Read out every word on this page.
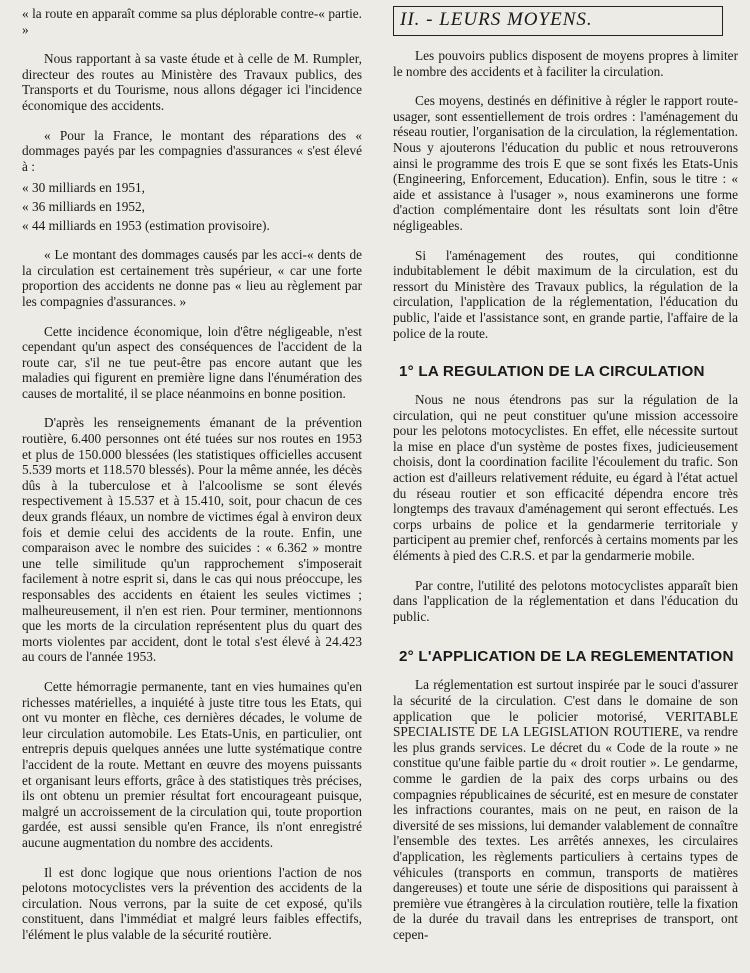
« la route en apparaît comme sa plus déplorable contre-« partie. »

Nous rapportant à sa vaste étude et à celle de M. Rumpler, directeur des routes au Ministère des Travaux publics, des Transports et du Tourisme, nous allons dégager ici l'incidence économique des accidents.

« Pour la France, le montant des réparations des « dommages payés par les compagnies d'assurances « s'est élevé à :

« 30 milliards en 1951,

« 36 milliards en 1952,

« 44 milliards en 1953 (estimation provisoire).

« Le montant des dommages causés par les acci-« dents de la circulation est certainement très supérieur, « car une forte proportion des accidents ne donne pas « lieu au règlement par les compagnies d'assurances. »

Cette incidence économique, loin d'être négligeable, n'est cependant qu'un aspect des conséquences de l'accident de la route car, s'il ne tue peut-être pas encore autant que les maladies qui figurent en première ligne dans l'énumération des causes de mortalité, il se place néanmoins en bonne position.

D'après les renseignements émanant de la prévention routière, 6.400 personnes ont été tuées sur nos routes en 1953 et plus de 150.000 blessées (les statistiques officielles accusent 5.539 morts et 118.570 blessés). Pour la même année, les décès dûs à la tuberculose et à l'alcoolisme se sont élevés respectivement à 15.537 et à 15.410, soit, pour chacun de ces deux grands fléaux, un nombre de victimes égal à environ deux fois et demie celui des accidents de la route. Enfin, une comparaison avec le nombre des suicides : « 6.362 » montre une telle similitude qu'un rapprochement s'imposerait facilement à notre esprit si, dans le cas qui nous préoccupe, les responsables des accidents en étaient les seules victimes ; malheureusement, il n'en est rien. Pour terminer, mentionnons que les morts de la circulation représentent plus du quart des morts violentes par accident, dont le total s'est élevé à 24.423 au cours de l'année 1953.

Cette hémorragie permanente, tant en vies humaines qu'en richesses matérielles, a inquiété à juste titre tous les Etats, qui ont vu monter en flèche, ces dernières décades, le volume de leur circulation automobile. Les Etats-Unis, en particulier, ont entrepris depuis quelques années une lutte systématique contre l'accident de la route. Mettant en œuvre des moyens puissants et organisant leurs efforts, grâce à des statistiques très précises, ils ont obtenu un premier résultat fort encourageant puisque, malgré un accroissement de la circulation qui, toute proportion gardée, est aussi sensible qu'en France, ils n'ont enregistré aucune augmentation du nombre des accidents.

Il est donc logique que nous orientions l'action de nos pelotons motocyclistes vers la prévention des accidents de la circulation. Nous verrons, par la suite de cet exposé, qu'ils constituent, dans l'immédiat et malgré leurs faibles effectifs, l'élément le plus valable de la sécurité routière.

II. - LEURS MOYENS.

Les pouvoirs publics disposent de moyens propres à limiter le nombre des accidents et à faciliter la circulation.

Ces moyens, destinés en définitive à régler le rapport route-usager, sont essentiellement de trois ordres : l'aménagement du réseau routier, l'organisation de la circulation, la réglementation. Nous y ajouterons l'éducation du public et nous retrouverons ainsi le programme des trois E que se sont fixés les Etats-Unis (Engineering, Enforcement, Education). Enfin, sous le titre : « aide et assistance à l'usager », nous examinerons une forme d'action complémentaire dont les résultats sont loin d'être négligeables.

Si l'aménagement des routes, qui conditionne indubitablement le débit maximum de la circulation, est du ressort du Ministère des Travaux publics, la régulation de la circulation, l'application de la réglementation, l'éducation du public, l'aide et l'assistance sont, en grande partie, l'affaire de la police de la route.

1° LA REGULATION DE LA CIRCULATION

Nous ne nous étendrons pas sur la régulation de la circulation, qui ne peut constituer qu'une mission accessoire pour les pelotons motocyclistes. En effet, elle nécessite surtout la mise en place d'un système de postes fixes, judicieusement choisis, dont la coordination facilite l'écoulement du trafic. Son action est d'ailleurs relativement réduite, eu égard à l'état actuel du réseau routier et son efficacité dépendra encore très longtemps des travaux d'aménagement qui seront effectués. Les corps urbains de police et la gendarmerie territoriale y participent au premier chef, renforcés à certains moments par les éléments à pied des C.R.S. et par la gendarmerie mobile.

Par contre, l'utilité des pelotons motocyclistes apparaît bien dans l'application de la réglementation et dans l'éducation du public.

2° L'APPLICATION DE LA REGLEMENTATION

La réglementation est surtout inspirée par le souci d'assurer la sécurité de la circulation. C'est dans le domaine de son application que le policier motorisé, VERITABLE SPECIALISTE DE LA LEGISLATION ROUTIERE, va rendre les plus grands services. Le décret du « Code de la route » ne constitue qu'une faible partie du « droit routier ». Le gendarme, comme le gardien de la paix des corps urbains ou des compagnies républicaines de sécurité, est en mesure de constater les infractions courantes, mais on ne peut, en raison de la diversité de ses missions, lui demander valablement de connaître l'ensemble des textes. Les arrêtés annexes, les circulaires d'application, les règlements particuliers à certains types de véhicules (transports en commun, transports de matières dangereuses) et toute une série de dispositions qui paraissent à première vue étrangères à la circulation routière, telle la fixation de la durée du travail dans les entreprises de transport, ont cepen-
